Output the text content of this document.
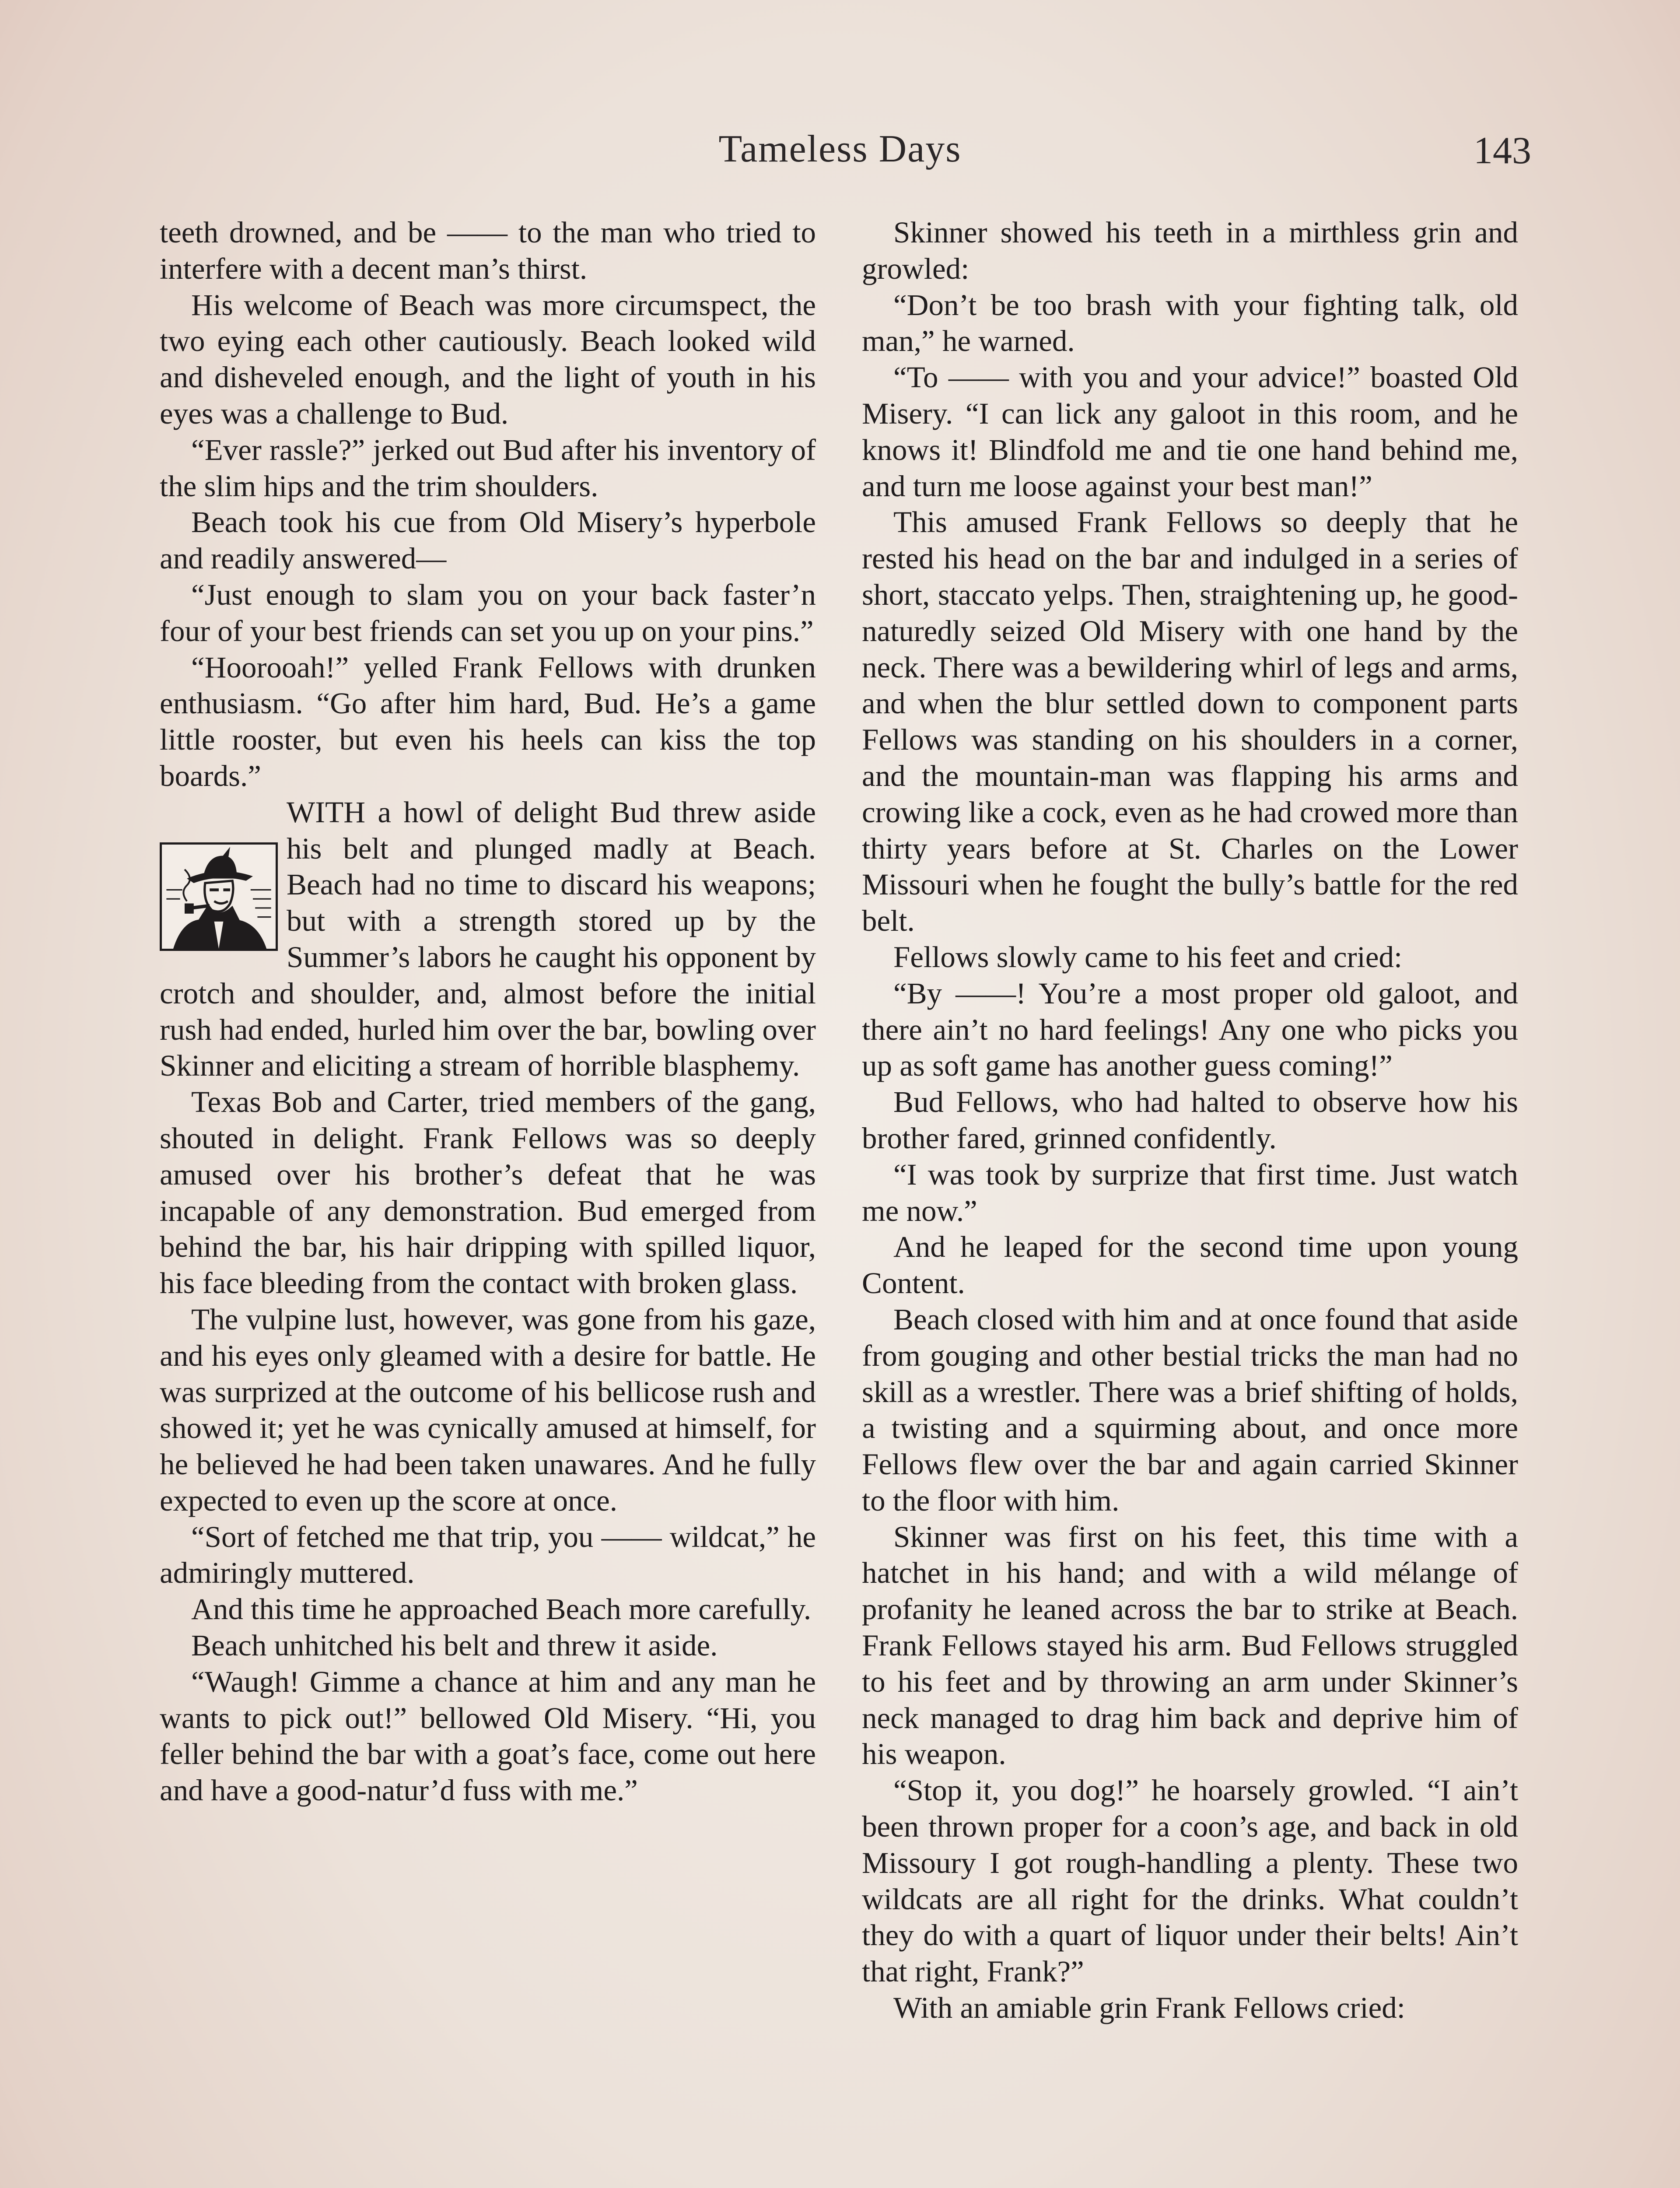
Tameless Days	143

teeth drowned, and be —— to the man who tried to interfere with a decent man’s thirst.

His welcome of Beach was more circumspect, the two eying each other cautiously. Beach looked wild and disheveled enough, and the light of youth in his eyes was a challenge to Bud.

“Ever rassle?” jerked out Bud after his inventory of the slim hips and the trim shoulders.

Beach took his cue from Old Misery’s hyperbole and readily answered—

“Just enough to slam you on your back faster’n four of your best friends can set you up on your pins.”

“Hoorooah!” yelled Frank Fellows with drunken enthusiasm. “Go after him hard, Bud. He’s a game little rooster, but even his heels can kiss the top boards.”

WITH a howl of delight Bud threw aside his belt and plunged madly at Beach. Beach had no time to discard his weapons; but with a strength stored up by the Summer’s labors he caught his opponent by crotch and shoulder, and, almost before the initial rush had ended, hurled him over the bar, bowling over Skinner and eliciting a stream of horrible blasphemy.

Texas Bob and Carter, tried members of the gang, shouted in delight. Frank Fellows was so deeply amused over his brother’s defeat that he was incapable of any demonstration. Bud emerged from behind the bar, his hair dripping with spilled liquor, his face bleeding from the contact with broken glass.

The vulpine lust, however, was gone from his gaze, and his eyes only gleamed with a desire for battle. He was surprized at the outcome of his bellicose rush and showed it; yet he was cynically amused at himself, for he believed he had been taken unawares. And he fully expected to even up the score at once.

“Sort of fetched me that trip, you —— wildcat,” he admiringly muttered.

And this time he approached Beach more carefully.

Beach unhitched his belt and threw it aside.

“Waugh! Gimme a chance at him and any man he wants to pick out!” bellowed Old Misery. “Hi, you feller behind the bar with a goat’s face, come out here and have a good-natur’d fuss with me.”

Skinner showed his teeth in a mirthless grin and growled:

“Don’t be too brash with your fighting talk, old man,” he warned.

“To —— with you and your advice!” boasted Old Misery. “I can lick any galoot in this room, and he knows it! Blindfold me and tie one hand behind me, and turn me loose against your best man!”

This amused Frank Fellows so deeply that he rested his head on the bar and indulged in a series of short, staccato yelps. Then, straightening up, he good-naturedly seized Old Misery with one hand by the neck. There was a bewildering whirl of legs and arms, and when the blur settled down to component parts Fellows was standing on his shoulders in a corner, and the mountain-man was flapping his arms and crowing like a cock, even as he had crowed more than thirty years before at St. Charles on the Lower Missouri when he fought the bully’s battle for the red belt.

Fellows slowly came to his feet and cried:

“By ——! You’re a most proper old galoot, and there ain’t no hard feelings! Any one who picks you up as soft game has another guess coming!”

Bud Fellows, who had halted to observe how his brother fared, grinned confidently.

“I was took by surprize that first time. Just watch me now.”

And he leaped for the second time upon young Content.

Beach closed with him and at once found that aside from gouging and other bestial tricks the man had no skill as a wrestler. There was a brief shifting of holds, a twisting and a squirming about, and once more Fellows flew over the bar and again carried Skinner to the floor with him.

Skinner was first on his feet, this time with a hatchet in his hand; and with a wild mélange of profanity he leaned across the bar to strike at Beach. Frank Fellows stayed his arm. Bud Fellows struggled to his feet and by throwing an arm under Skinner’s neck managed to drag him back and deprive him of his weapon.

“Stop it, you dog!” he hoarsely growled. “I ain’t been thrown proper for a coon’s age, and back in old Missoury I got rough-handling a plenty. These two wildcats are all right for the drinks. What couldn’t they do with a quart of liquor under their belts! Ain’t that right, Frank?”

With an amiable grin Frank Fellows cried:
